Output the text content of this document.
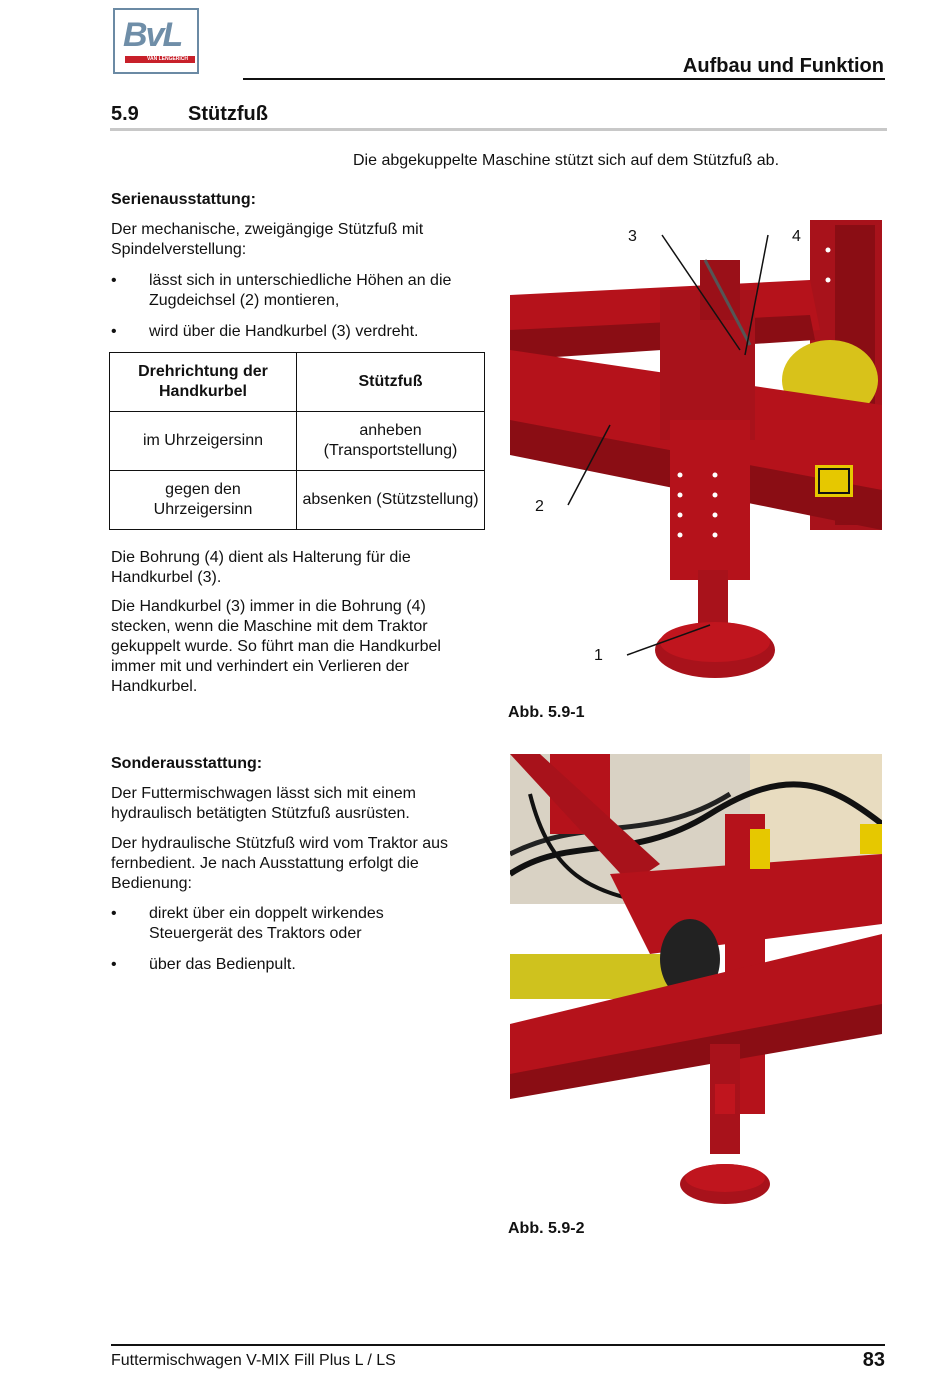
BvL
VAN LENGERICH	Aufbau und Funktion
5.9 Stützfuß
Die abgekuppelte Maschine stützt sich auf dem Stützfuß ab.
Serienausstattung:
Der mechanische, zweigängige Stützfuß mit Spindelverstellung:
• lässt sich in unterschiedliche Höhen an die Zugdeichsel (2) montieren,
• wird über die Handkurbel (3) verdreht.
Drehrichtung der Handkurbel	Stützfuß
im Uhrzeigersinn	anheben (Transportstellung)
gegen den Uhrzeigersinn	absenken (Stützstellung)
Die Bohrung (4) dient als Halterung für die Handkurbel (3).
Die Handkurbel (3) immer in die Bohrung (4) stecken, wenn die Maschine mit dem Traktor gekuppelt wurde. So führt man die Handkurbel immer mit und verhindert ein Verlieren der Handkurbel.
Sonderausstattung:
Der Futtermischwagen lässt sich mit einem hydraulisch betätigten Stützfuß ausrüsten.
Der hydraulische Stützfuß wird vom Traktor aus fernbedient. Je nach Ausstattung erfolgt die Bedienung:
• direkt über ein doppelt wirkendes Steuergerät des Traktors oder
• über das Bedienpult.
3	4
2
1
Abb. 5.9-1
Abb. 5.9-2
Futtermischwagen V-MIX Fill Plus L / LS	83
